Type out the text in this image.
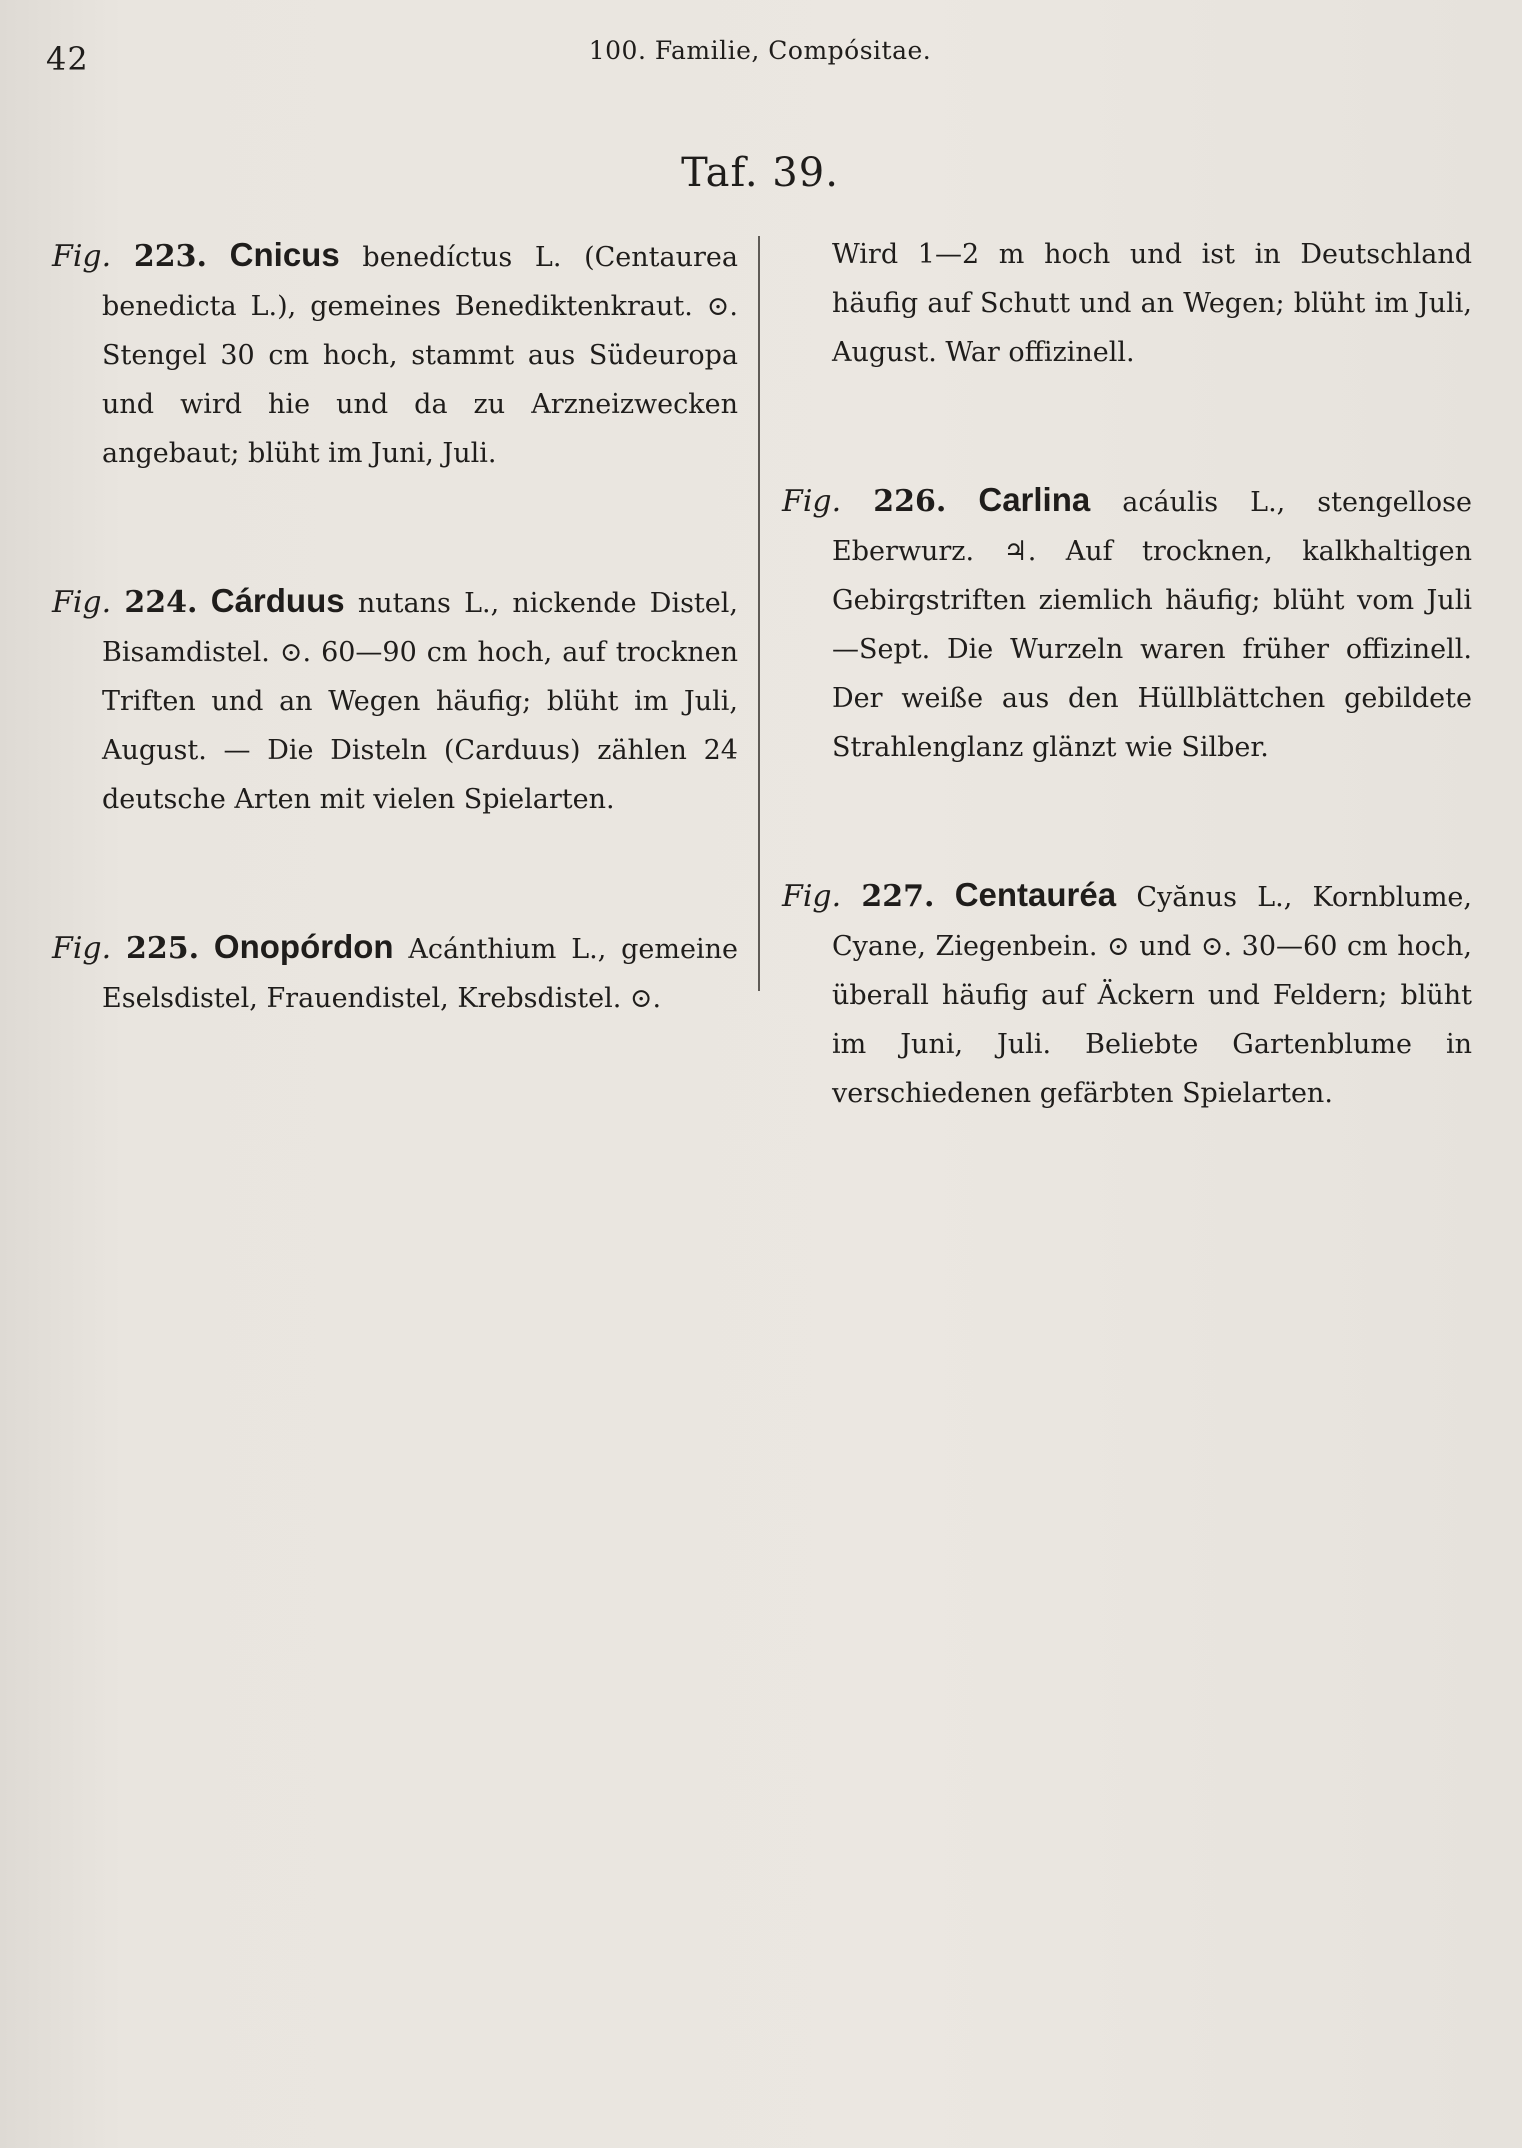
42	100. Familie, Compósitae.
Taf. 39.

Fig. 223. Cnicus benedíctus L. (Centaurea benedicta L.), gemeines Benediktenkraut. ⊙. Stengel 30 cm hoch, stammt aus Südeuropa und wird hie und da zu Arzneizwecken angebaut; blüht im Juni, Juli.

Fig. 224. Cárduus nutans L., nickende Distel, Bisamdistel. ⊙. 60—90 cm hoch, auf trocknen Triften und an Wegen häufig; blüht im Juli, August. — Die Disteln (Carduus) zählen 24 deutsche Arten mit vielen Spielarten.

Fig. 225. Onopórdon Acánthium L., gemeine Eselsdistel, Frauendistel, Krebsdistel. ⊙.

Wird 1—2 m hoch und ist in Deutschland häufig auf Schutt und an Wegen; blüht im Juli, August. War offizinell.

Fig. 226. Carlina acáulis L., stengellose Eberwurz. ♃. Auf trocknen, kalkhaltigen Gebirgstriften ziemlich häufig; blüht vom Juli—Sept. Die Wurzeln waren früher offizinell. Der weiße aus den Hüllblättchen gebildete Strahlenglanz glänzt wie Silber.

Fig. 227. Centauréa Cyănus L., Kornblume, Cyane, Ziegenbein. ⊙ und ⊙. 30—60 cm hoch, überall häufig auf Äckern und Feldern; blüht im Juni, Juli. Beliebte Gartenblume in verschiedenen gefärbten Spielarten.
